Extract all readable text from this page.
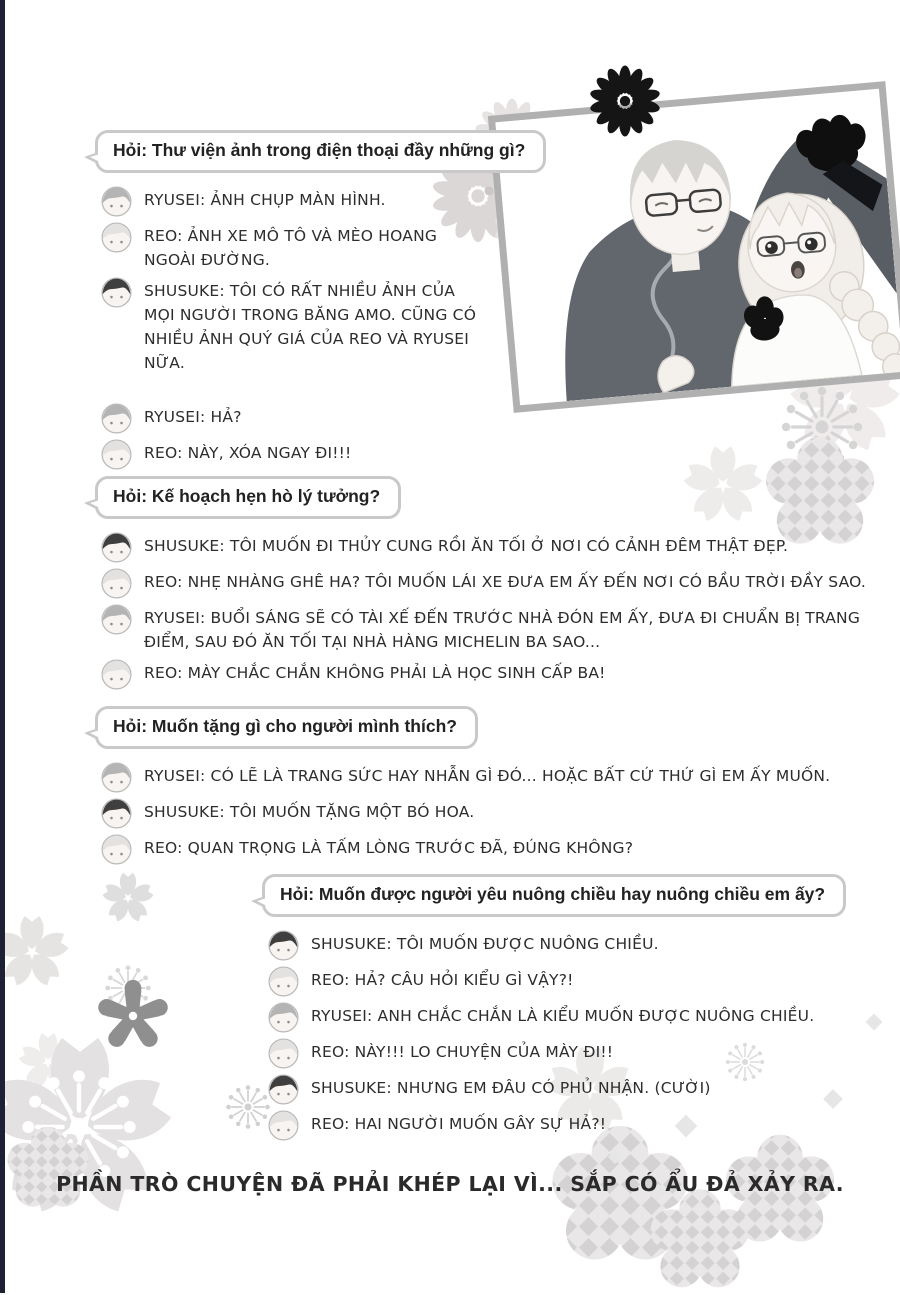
Hỏi: Thư viện ảnh trong điện thoại đầy những gì?

RYUSEI: ẢNH CHỤP MÀN HÌNH.
REO: ẢNH XE MÔ TÔ VÀ MÈO HOANG NGOÀI ĐƯỜNG.
SHUSUKE: TÔI CÓ RẤT NHIỀU ẢNH CỦA MỌI NGƯỜI TRONG BĂNG AMO. CŨNG CÓ NHIỀU ẢNH QUÝ GIÁ CỦA REO VÀ RYUSEI NỮA.
RYUSEI: HẢ?
REO: NÀY, XÓA NGAY ĐI!!!
Hỏi: Kế hoạch hẹn hò lý tưởng?

SHUSUKE: TÔI MUỐN ĐI THỦY CUNG RỒI ĂN TỐI Ở NƠI CÓ CẢNH ĐÊM THẬT ĐẸP.
REO: NHẸ NHÀNG GHÊ HA? TÔI MUỐN LÁI XE ĐƯA EM ẤY ĐẾN NƠI CÓ BẦU TRỜI ĐẦY SAO.
RYUSEI: BUỔI SÁNG SẼ CÓ TÀI XẾ ĐẾN TRƯỚC NHÀ ĐÓN EM ẤY, ĐƯA ĐI CHUẨN BỊ TRANG ĐIỂM, SAU ĐÓ ĂN TỐI TẠI NHÀ HÀNG MICHELIN BA SAO...
REO: MÀY CHẮC CHẮN KHÔNG PHẢI LÀ HỌC SINH CẤP BA!
Hỏi: Muốn tặng gì cho người mình thích?

RYUSEI: CÓ LẼ LÀ TRANG SỨC HAY NHẪN GÌ ĐÓ... HOẶC BẤT CỨ THỨ GÌ EM ẤY MUỐN.
SHUSUKE: TÔI MUỐN TẶNG MỘT BÓ HOA.
REO: QUAN TRỌNG LÀ TẤM LÒNG TRƯỚC ĐÃ, ĐÚNG KHÔNG?
Hỏi: Muốn được người yêu nuông chiều hay nuông chiều em ấy?

SHUSUKE: TÔI MUỐN ĐƯỢC NUÔNG CHIỀU.
REO: HẢ? CÂU HỎI KIỂU GÌ VẬY?!
RYUSEI: ANH CHẮC CHẮN LÀ KIỂU MUỐN ĐƯỢC NUÔNG CHIỀU.
REO: NÀY!!! LO CHUYỆN CỦA MÀY ĐI!!
SHUSUKE: NHƯNG EM ĐÂU CÓ PHỦ NHẬN. (CƯỜI)
REO: HAI NGƯỜI MUỐN GÂY SỰ HẢ?!
PHẦN TRÒ CHUYỆN ĐÃ PHẢI KHÉP LẠI VÌ... SẮP CÓ ẨU ĐẢ XẢY RA.
